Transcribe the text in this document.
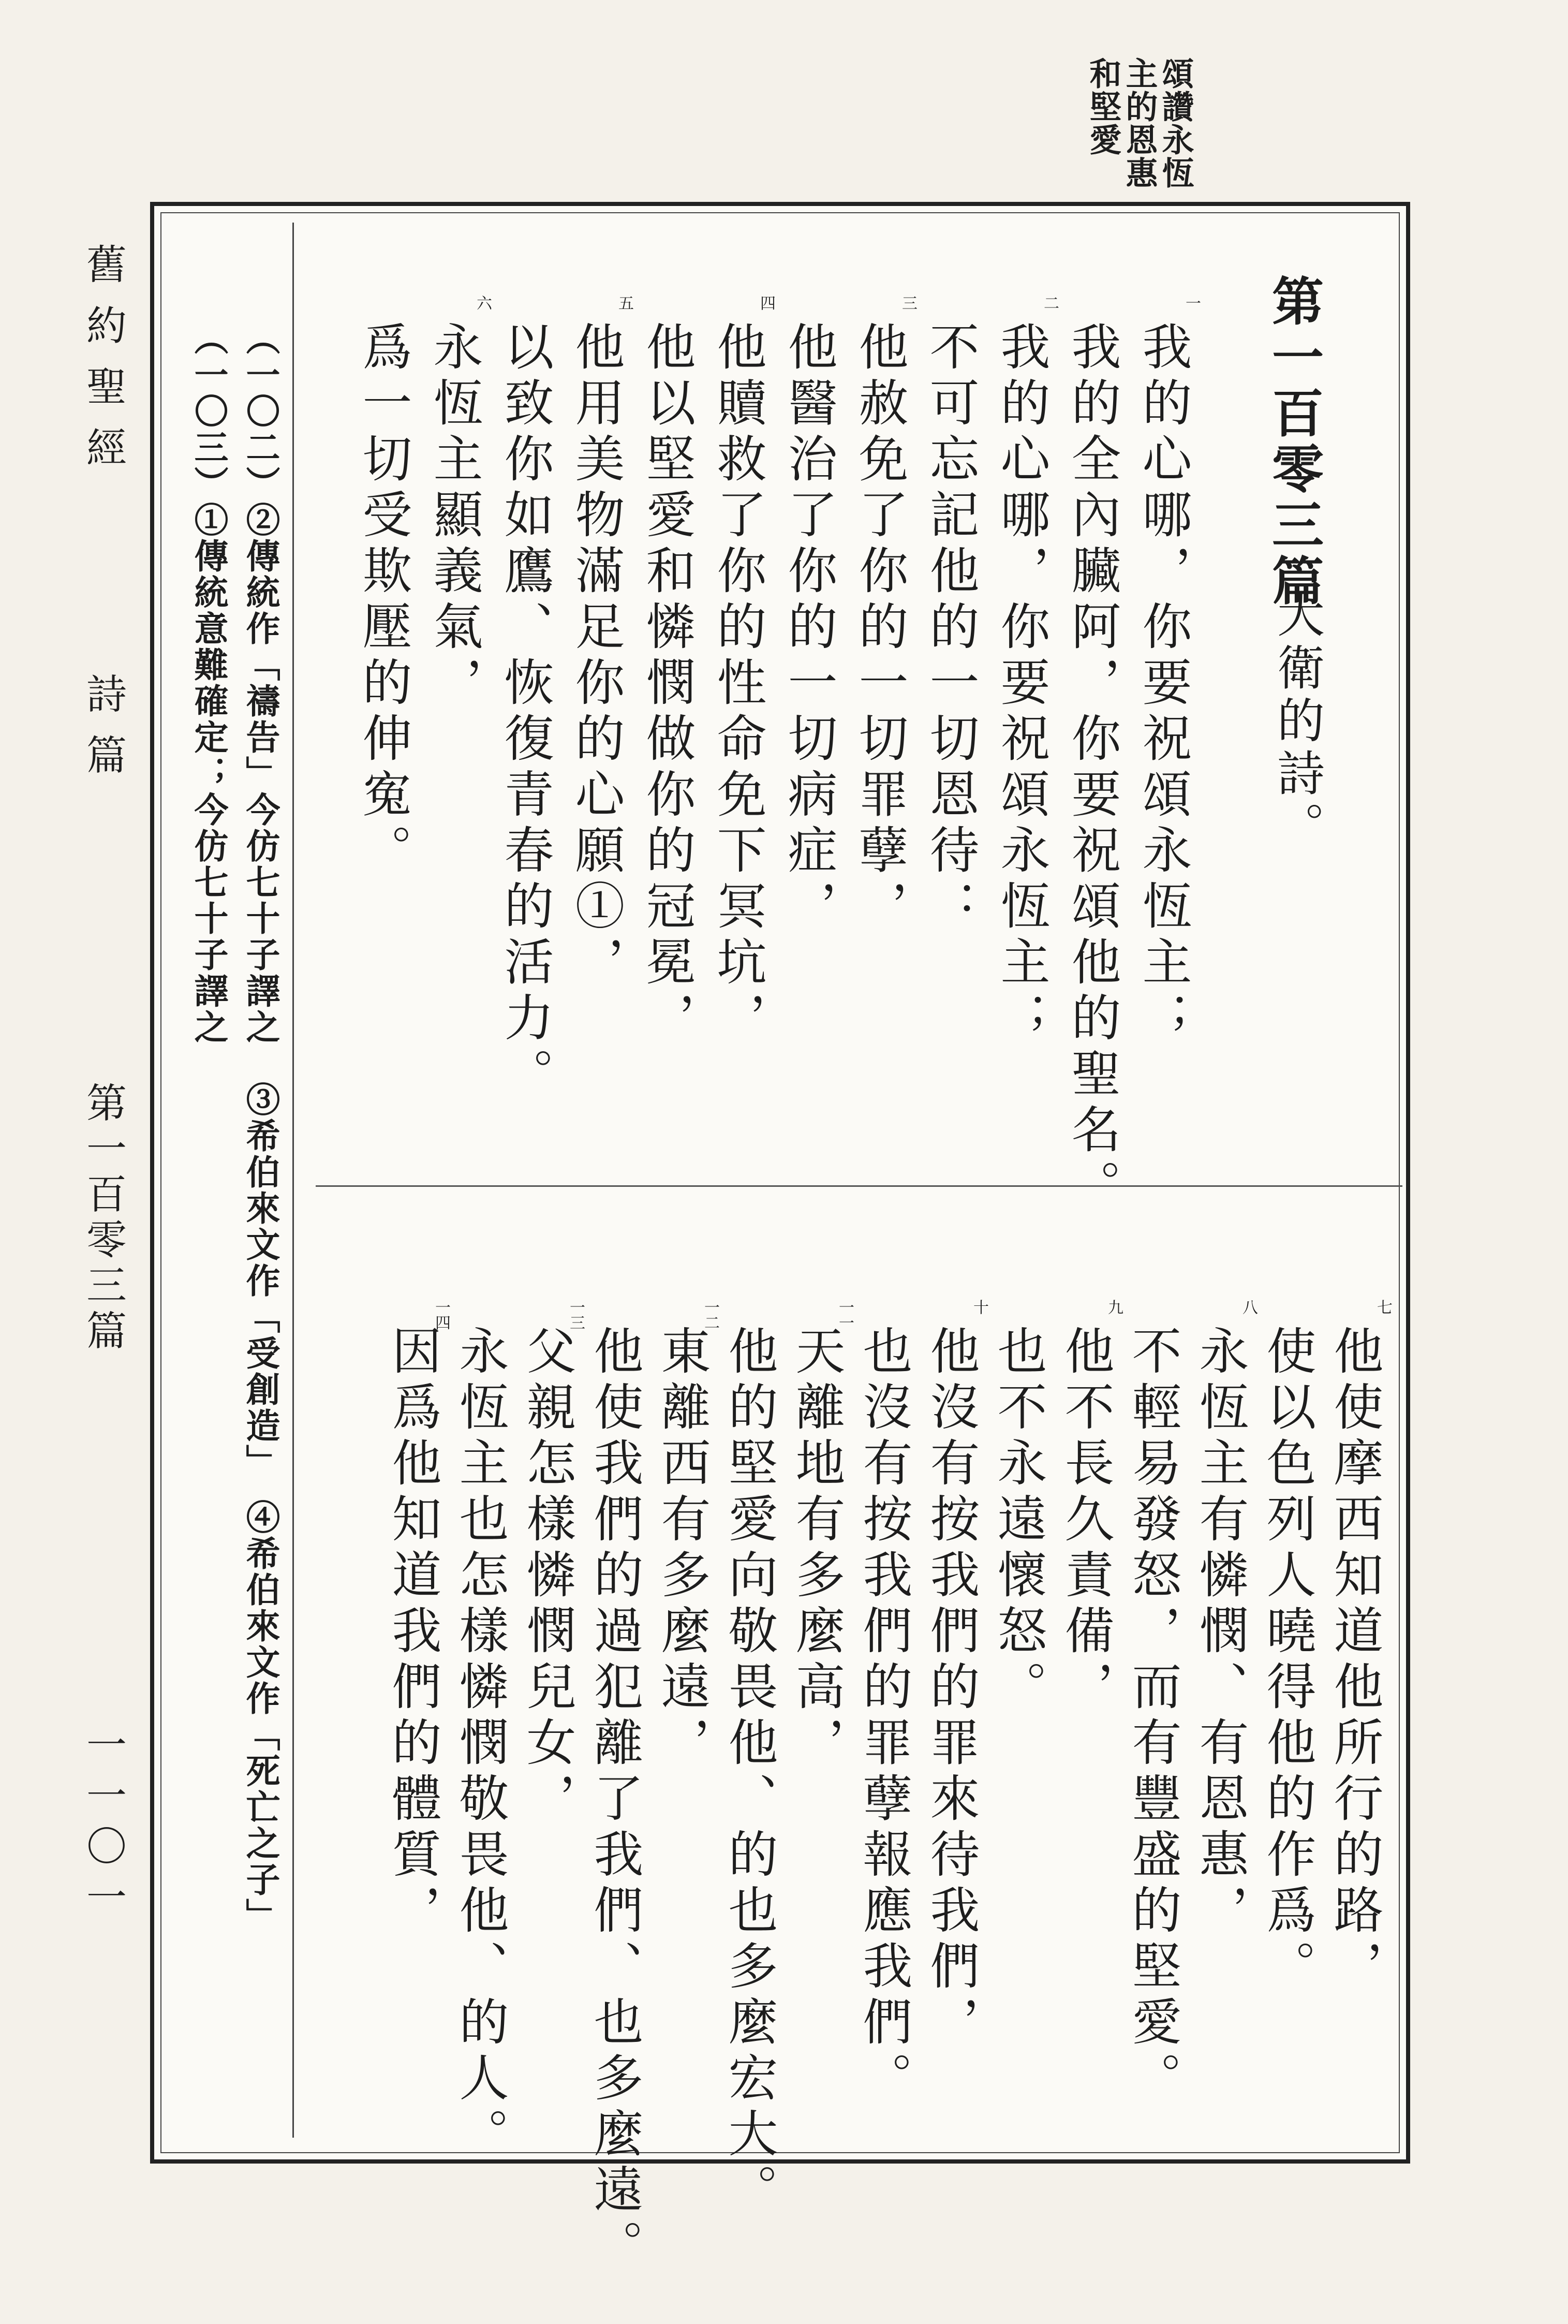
頌讚永恆
主的恩惠
和堅愛
舊約聖經
詩篇
第一百零三篇
一一〇一
第一百零三篇
大衛的詩。
一
我的心哪，你要祝頌永恆主；
我的全內臟阿，你要祝頌他的聖名。
二
我的心哪，你要祝頌永恆主；
不可忘記他的一切恩待：
三
他赦免了你的一切罪孽，
他醫治了你的一切病症，
四
他贖救了你的性命免下冥坑，
他以堅愛和憐憫做你的冠冕，
五
他用美物滿足你的心願①，
以致你如鷹、恢復青春的活力。
六
永恆主顯義氣，
爲一切受欺壓的伸寃。
七
他使摩西知道他所行的路，
使以色列人曉得他的作爲。
八
永恆主有憐憫、有恩惠，
不輕易發怒，而有豐盛的堅愛。
九
他不長久責備，
也不永遠懷怒。
十
他沒有按我們的罪來待我們，
也沒有按我們的罪孽報應我們。
一一
天離地有多麼高，
他的堅愛向敬畏他、的也多麼宏大。
一二
東離西有多麼遠，
他使我們的過犯離了我們、也多麼遠。
一三
父親怎樣憐憫兒女，
永恆主也怎樣憐憫敬畏他、的人。
一四
因爲他知道我們的體質，
（一〇二）②傳統作「禱告」今仿七十子譯之　③希伯來文作「受創造」　④希伯來文作「死亡之子」
（一〇三）①傳統意難確定；今仿七十子譯之
